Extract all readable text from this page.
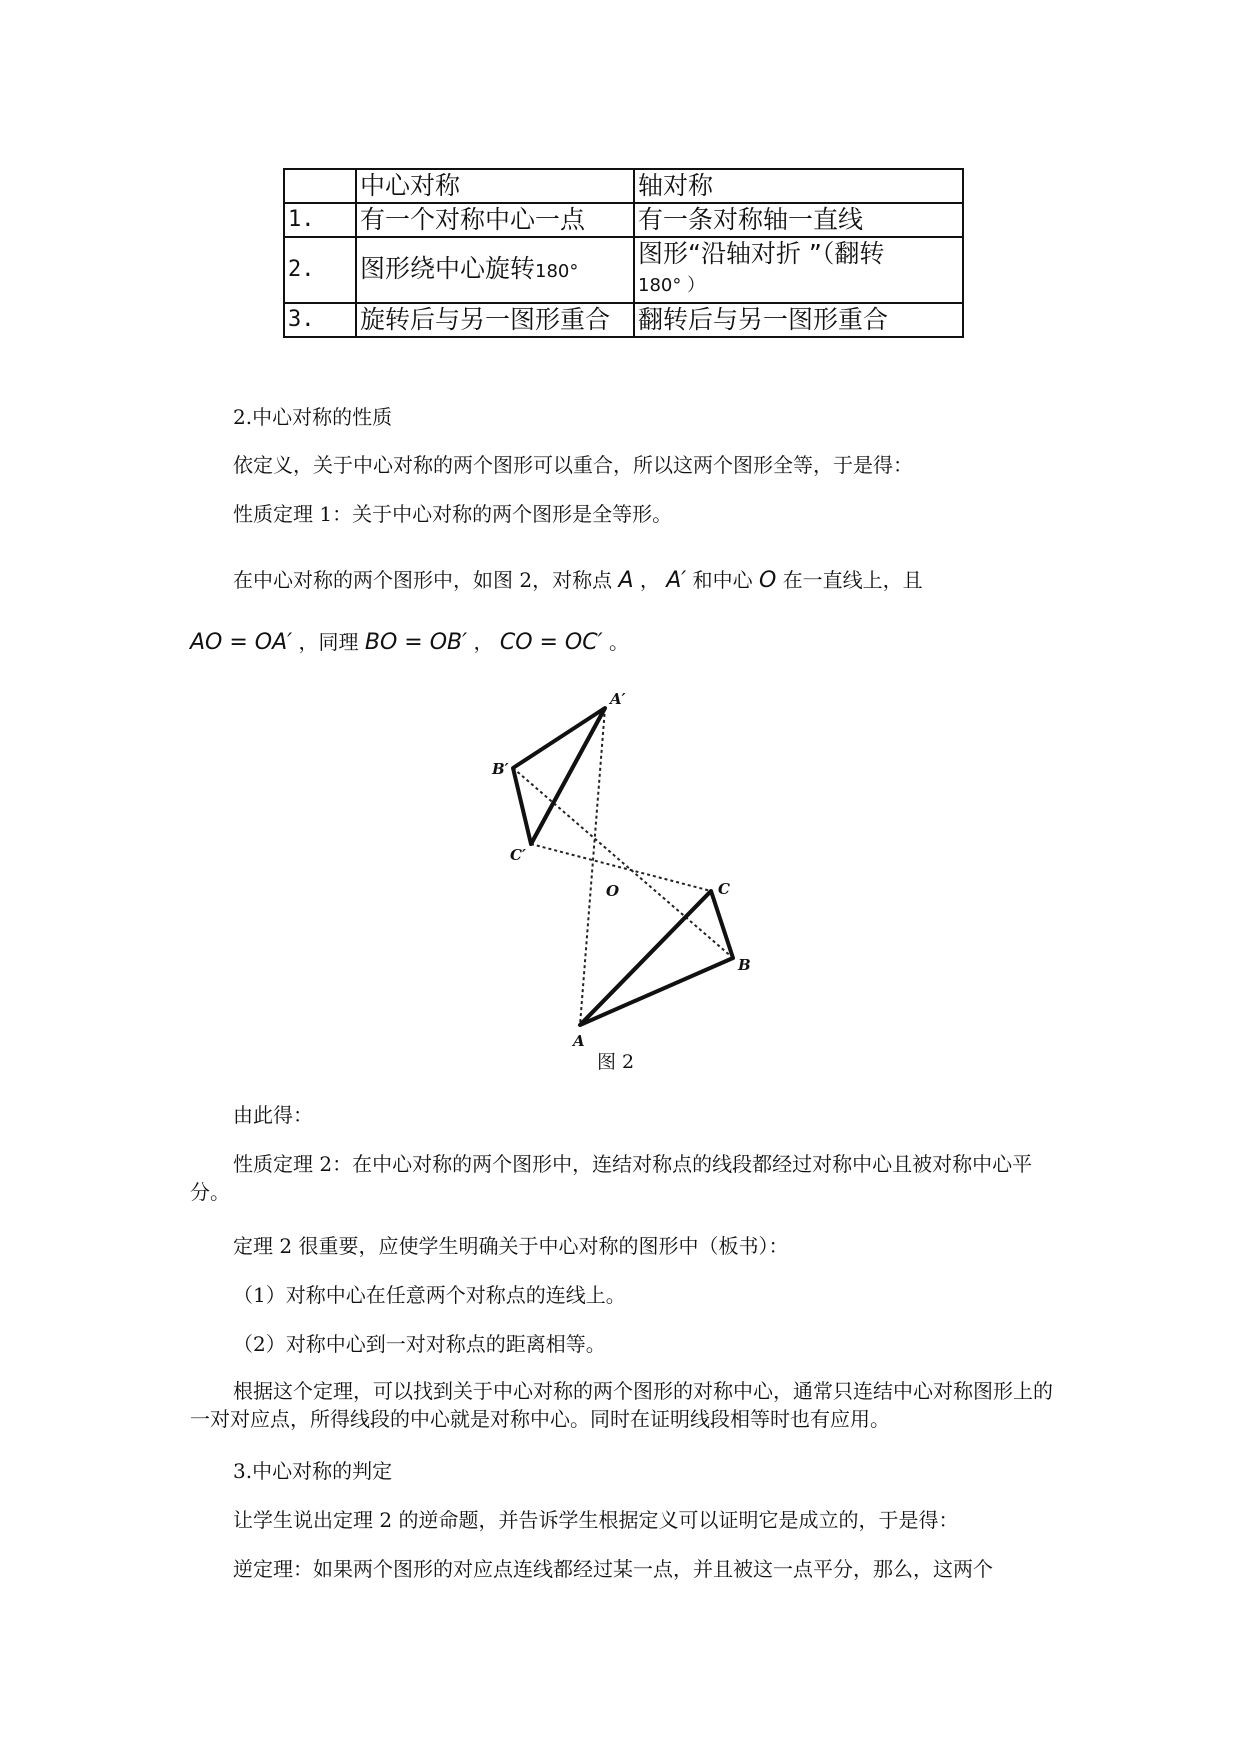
	中心对称	轴对称
1.	有一个对称中心一点	有一条对称轴一直线
2.	图形绕中心旋转180°	图形“沿轴对折 ”（翻转
180° ）

3.	旋转后与另一图形重合	翻转后与另一图形重合
2.中心对称的性质
依定义，关于中心对称的两个图形可以重合，所以这两个图形全等，于是得：
性质定理 1：关于中心对称的两个图形是全等形。
在中心对称的两个图形中，如图 2，对称点 A ， A′ 和中心 O 在一直线上，且
AO = OA′ ，同理 BO = OB′ ， CO = OC′ 。
A′
B′
C′
O	C
B
A
图 2
由此得：
性质定理 2：在中心对称的两个图形中，连结对称点的线段都经过对称中心且被对称中心平分。
定理 2 很重要，应使学生明确关于中心对称的图形中（板书）：
（1）对称中心在任意两个对称点的连线上。
（2）对称中心到一对对称点的距离相等。
根据这个定理，可以找到关于中心对称的两个图形的对称中心，通常只连结中心对称图形上的一对对应点，所得线段的中心就是对称中心。同时在证明线段相等时也有应用。
3.中心对称的判定
让学生说出定理 2 的逆命题，并告诉学生根据定义可以证明它是成立的，于是得：
逆定理：如果两个图形的对应点连线都经过某一点，并且被这一点平分，那么，这两个
